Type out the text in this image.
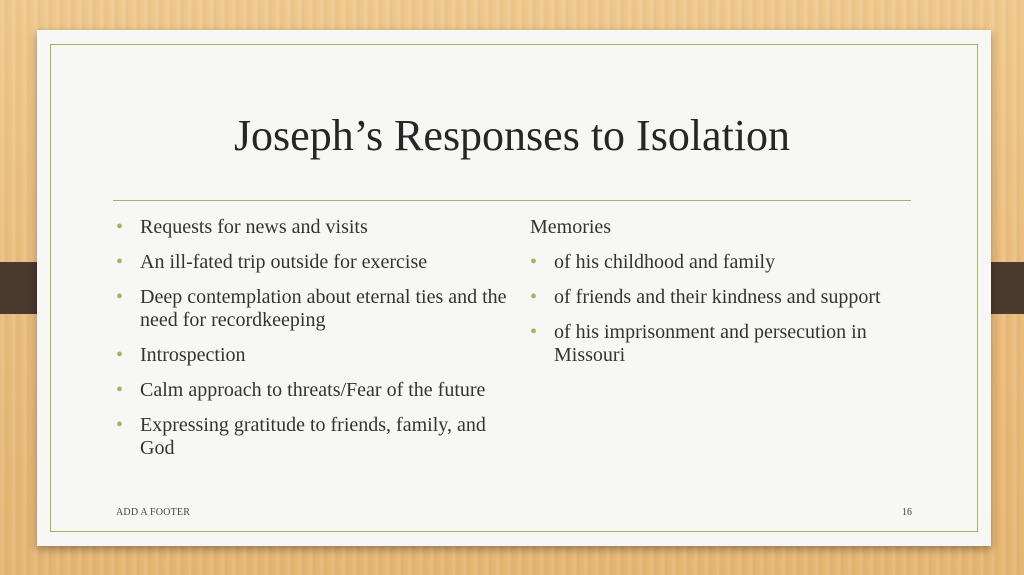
Joseph’s Responses to Isolation
• Requests for news and visits
• An ill-fated trip outside for exercise
• Deep contemplation about eternal ties and the need for recordkeeping
• Introspection
• Calm approach to threats/Fear of the future
• Expressing gratitude to friends, family, and God
Memories
• of his childhood and family
• of friends and their kindness and support
• of his imprisonment and persecution in Missouri
ADD A FOOTER	16
